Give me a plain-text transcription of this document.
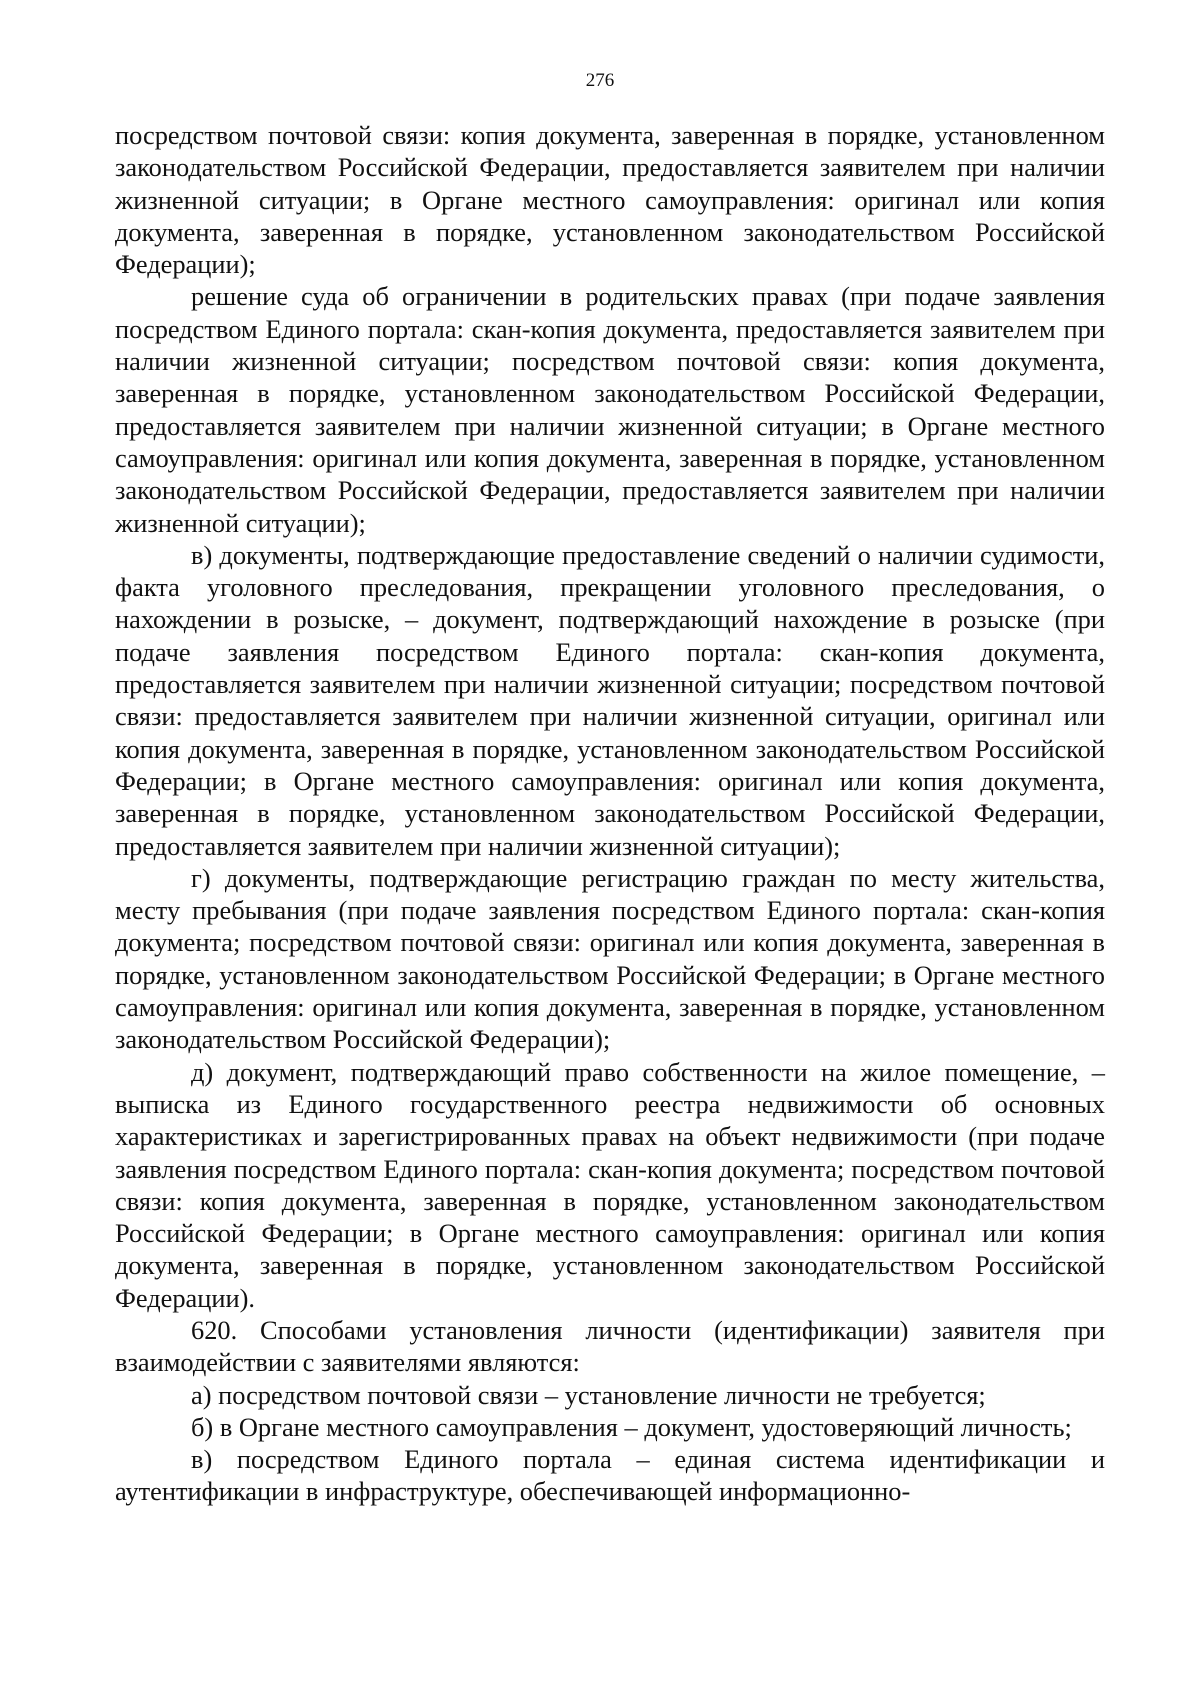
276

посредством почтовой связи: копия документа, заверенная в порядке, установленном законодательством Российской Федерации, предоставляется заявителем при наличии жизненной ситуации; в Органе местного самоуправления: оригинал или копия документа, заверенная в порядке, установленном законодательством Российской Федерации);

решение суда об ограничении в родительских правах (при подаче заявления посредством Единого портала: скан-копия документа, предоставляется заявителем при наличии жизненной ситуации; посредством почтовой связи: копия документа, заверенная в порядке, установленном законодательством Российской Федерации, предоставляется заявителем при наличии жизненной ситуации; в Органе местного самоуправления: оригинал или копия документа, заверенная в порядке, установленном законодательством Российской Федерации, предоставляется заявителем при наличии жизненной ситуации);

в) документы, подтверждающие предоставление сведений о наличии судимости, факта уголовного преследования, прекращении уголовного преследования, о нахождении в розыске, – документ, подтверждающий нахождение в розыске (при подаче заявления посредством Единого портала: скан-копия документа, предоставляется заявителем при наличии жизненной ситуации; посредством почтовой связи: предоставляется заявителем при наличии жизненной ситуации, оригинал или копия документа, заверенная в порядке, установленном законодательством Российской Федерации; в Органе местного самоуправления: оригинал или копия документа, заверенная в порядке, установленном законодательством Российской Федерации, предоставляется заявителем при наличии жизненной ситуации);

г) документы, подтверждающие регистрацию граждан по месту жительства, месту пребывания (при подаче заявления посредством Единого портала: скан-копия документа; посредством почтовой связи: оригинал или копия документа, заверенная в порядке, установленном законодательством Российской Федерации; в Органе местного самоуправления: оригинал или копия документа, заверенная в порядке, установленном законодательством Российской Федерации);

д) документ, подтверждающий право собственности на жилое помещение, – выписка из Единого государственного реестра недвижимости об основных характеристиках и зарегистрированных правах на объект недвижимости (при подаче заявления посредством Единого портала: скан-копия документа; посредством почтовой связи: копия документа, заверенная в порядке, установленном законодательством Российской Федерации; в Органе местного самоуправления: оригинал или копия документа, заверенная в порядке, установленном законодательством Российской Федерации).

620. Способами установления личности (идентификации) заявителя при взаимодействии с заявителями являются:

а) посредством почтовой связи – установление личности не требуется;

б) в Органе местного самоуправления – документ, удостоверяющий личность;

в) посредством Единого портала – единая система идентификации и аутентификации в инфраструктуре, обеспечивающей информационно-
